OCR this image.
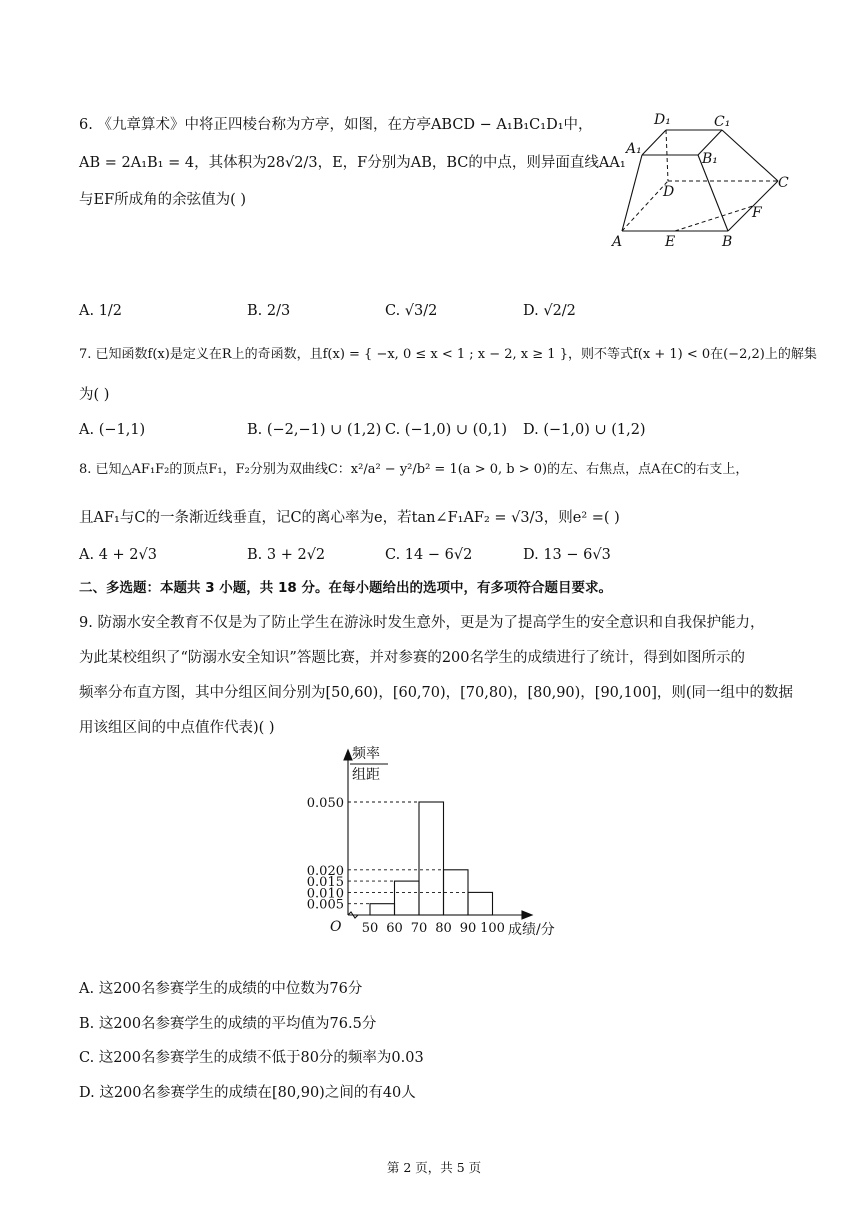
6. 《九章算术》中将正四棱台称为方亭，如图，在方亭ABCD − A₁B₁C₁D₁中，
AB = 2A₁B₁ = 4，其体积为28√2/3，E，F分别为AB，BC的中点，则异面直线AA₁
与EF所成角的余弦值为( )
D₁	C₁
A₁
B₁
D
C
F
A	E	B
A. 1/2	B. 2/3	C. √3/2	D. √2/2
7. 已知函数f(x)是定义在R上的奇函数，且f(x) = { −x, 0 ≤ x < 1 ; x − 2, x ≥ 1 }，则不等式f(x + 1) < 0在(−2,2)上的解集
为( )
A. (−1,1)	B. (−2,−1) ∪ (1,2) C. (−1,0) ∪ (0,1) D. (−1,0) ∪ (1,2)
8. 已知△AF₁F₂的顶点F₁，F₂分别为双曲线C：x²/a² − y²/b² = 1(a > 0, b > 0)的左、右焦点，点A在C的右支上，
且AF₁与C的一条渐近线垂直，记C的离心率为e，若tan∠F₁AF₂ = √3/3，则e² =( )
A. 4 + 2√3	B. 3 + 2√2	C. 14 − 6√2	D. 13 − 6√3
二、多选题：本题共 3 小题，共 18 分。在每小题给出的选项中，有多项符合题目要求。
9. 防溺水安全教育不仅是为了防止学生在游泳时发生意外，更是为了提高学生的安全意识和自我保护能力，
为此某校组织了“防溺水安全知识”答题比赛，并对参赛的200名学生的成绩进行了统计，得到如图所示的
频率分布直方图，其中分组区间分别为[50,60)，[60,70)，[70,80)，[80,90)，[90,100]，则(同一组中的数据
用该组区间的中点值作代表)( )
频率
组距
O
0.050
0.020
0.015
0.010
0.005
50 60 70 80 90 100 成绩/分
A. 这200名参赛学生的成绩的中位数为76分
B. 这200名参赛学生的成绩的平均值为76.5分
C. 这200名参赛学生的成绩不低于80分的频率为0.03
D. 这200名参赛学生的成绩在[80,90)之间的有40人
第 2 页，共 5 页
